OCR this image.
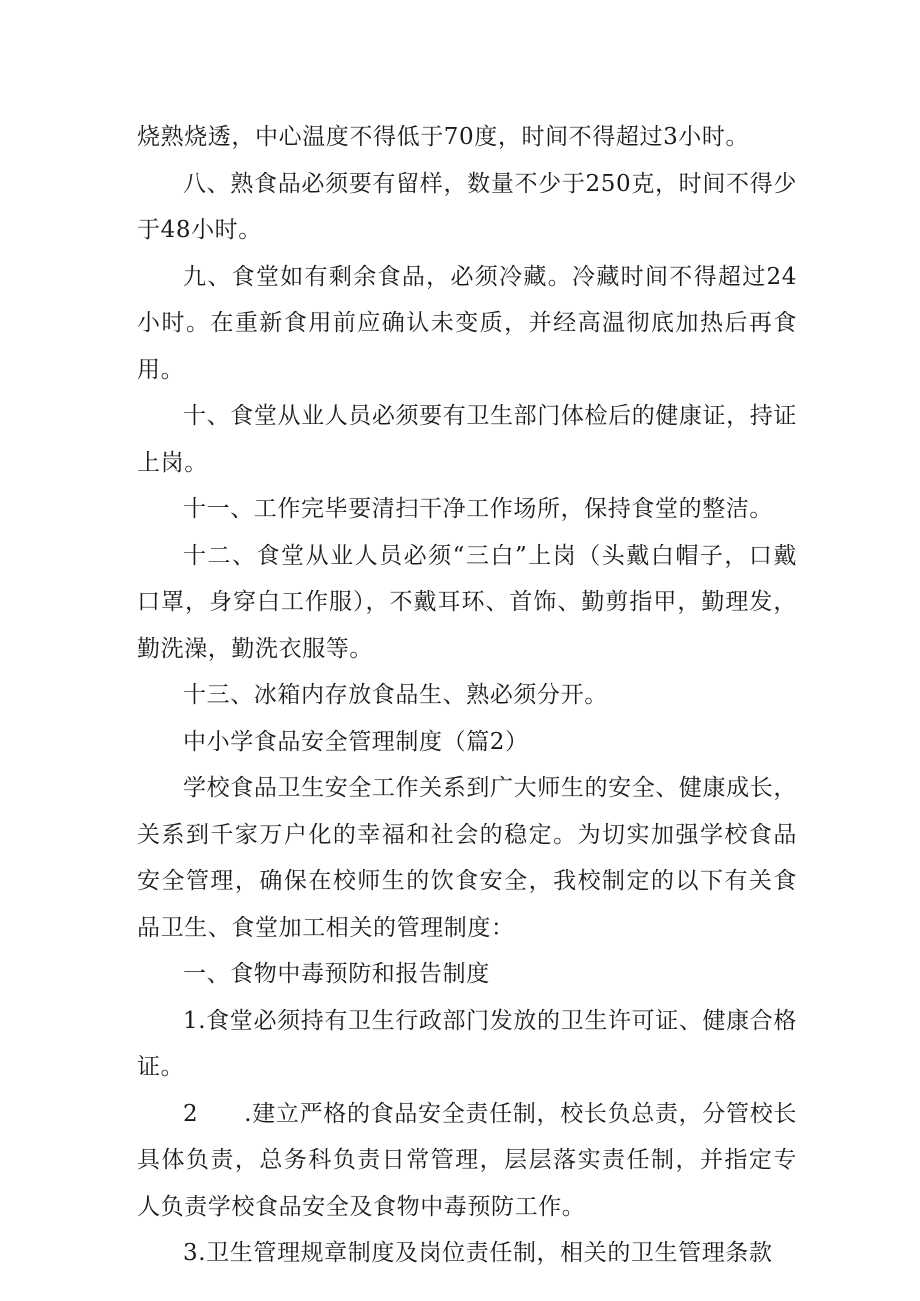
烧熟烧透，中心温度不得低于70度，时间不得超过3小时。

八、熟食品必须要有留样，数量不少于250克，时间不得少于48小时。

九、食堂如有剩余食品，必须冷藏。冷藏时间不得超过24小时。在重新食用前应确认未变质，并经高温彻底加热后再食用。

十、食堂从业人员必须要有卫生部门体检后的健康证，持证上岗。

十一、工作完毕要清扫干净工作场所，保持食堂的整洁。

十二、食堂从业人员必须“三白”上岗（头戴白帽子，口戴口罩，身穿白工作服），不戴耳环、首饰、勤剪指甲，勤理发，勤洗澡，勤洗衣服等。

十三、冰箱内存放食品生、熟必须分开。

中小学食品安全管理制度（篇2）

学校食品卫生安全工作关系到广大师生的安全、健康成长，关系到千家万户化的幸福和社会的稳定。为切实加强学校食品安全管理，确保在校师生的饮食安全，我校制定的以下有关食品卫生、食堂加工相关的管理制度：

一、食物中毒预防和报告制度

1.食堂必须持有卫生行政部门发放的卫生许可证、健康合格证。

2 .建立严格的食品安全责任制，校长负总责，分管校长具体负责，总务科负责日常管理，层层落实责任制，并指定专人负责学校食品安全及食物中毒预防工作。

3.卫生管理规章制度及岗位责任制，相关的卫生管理条款
